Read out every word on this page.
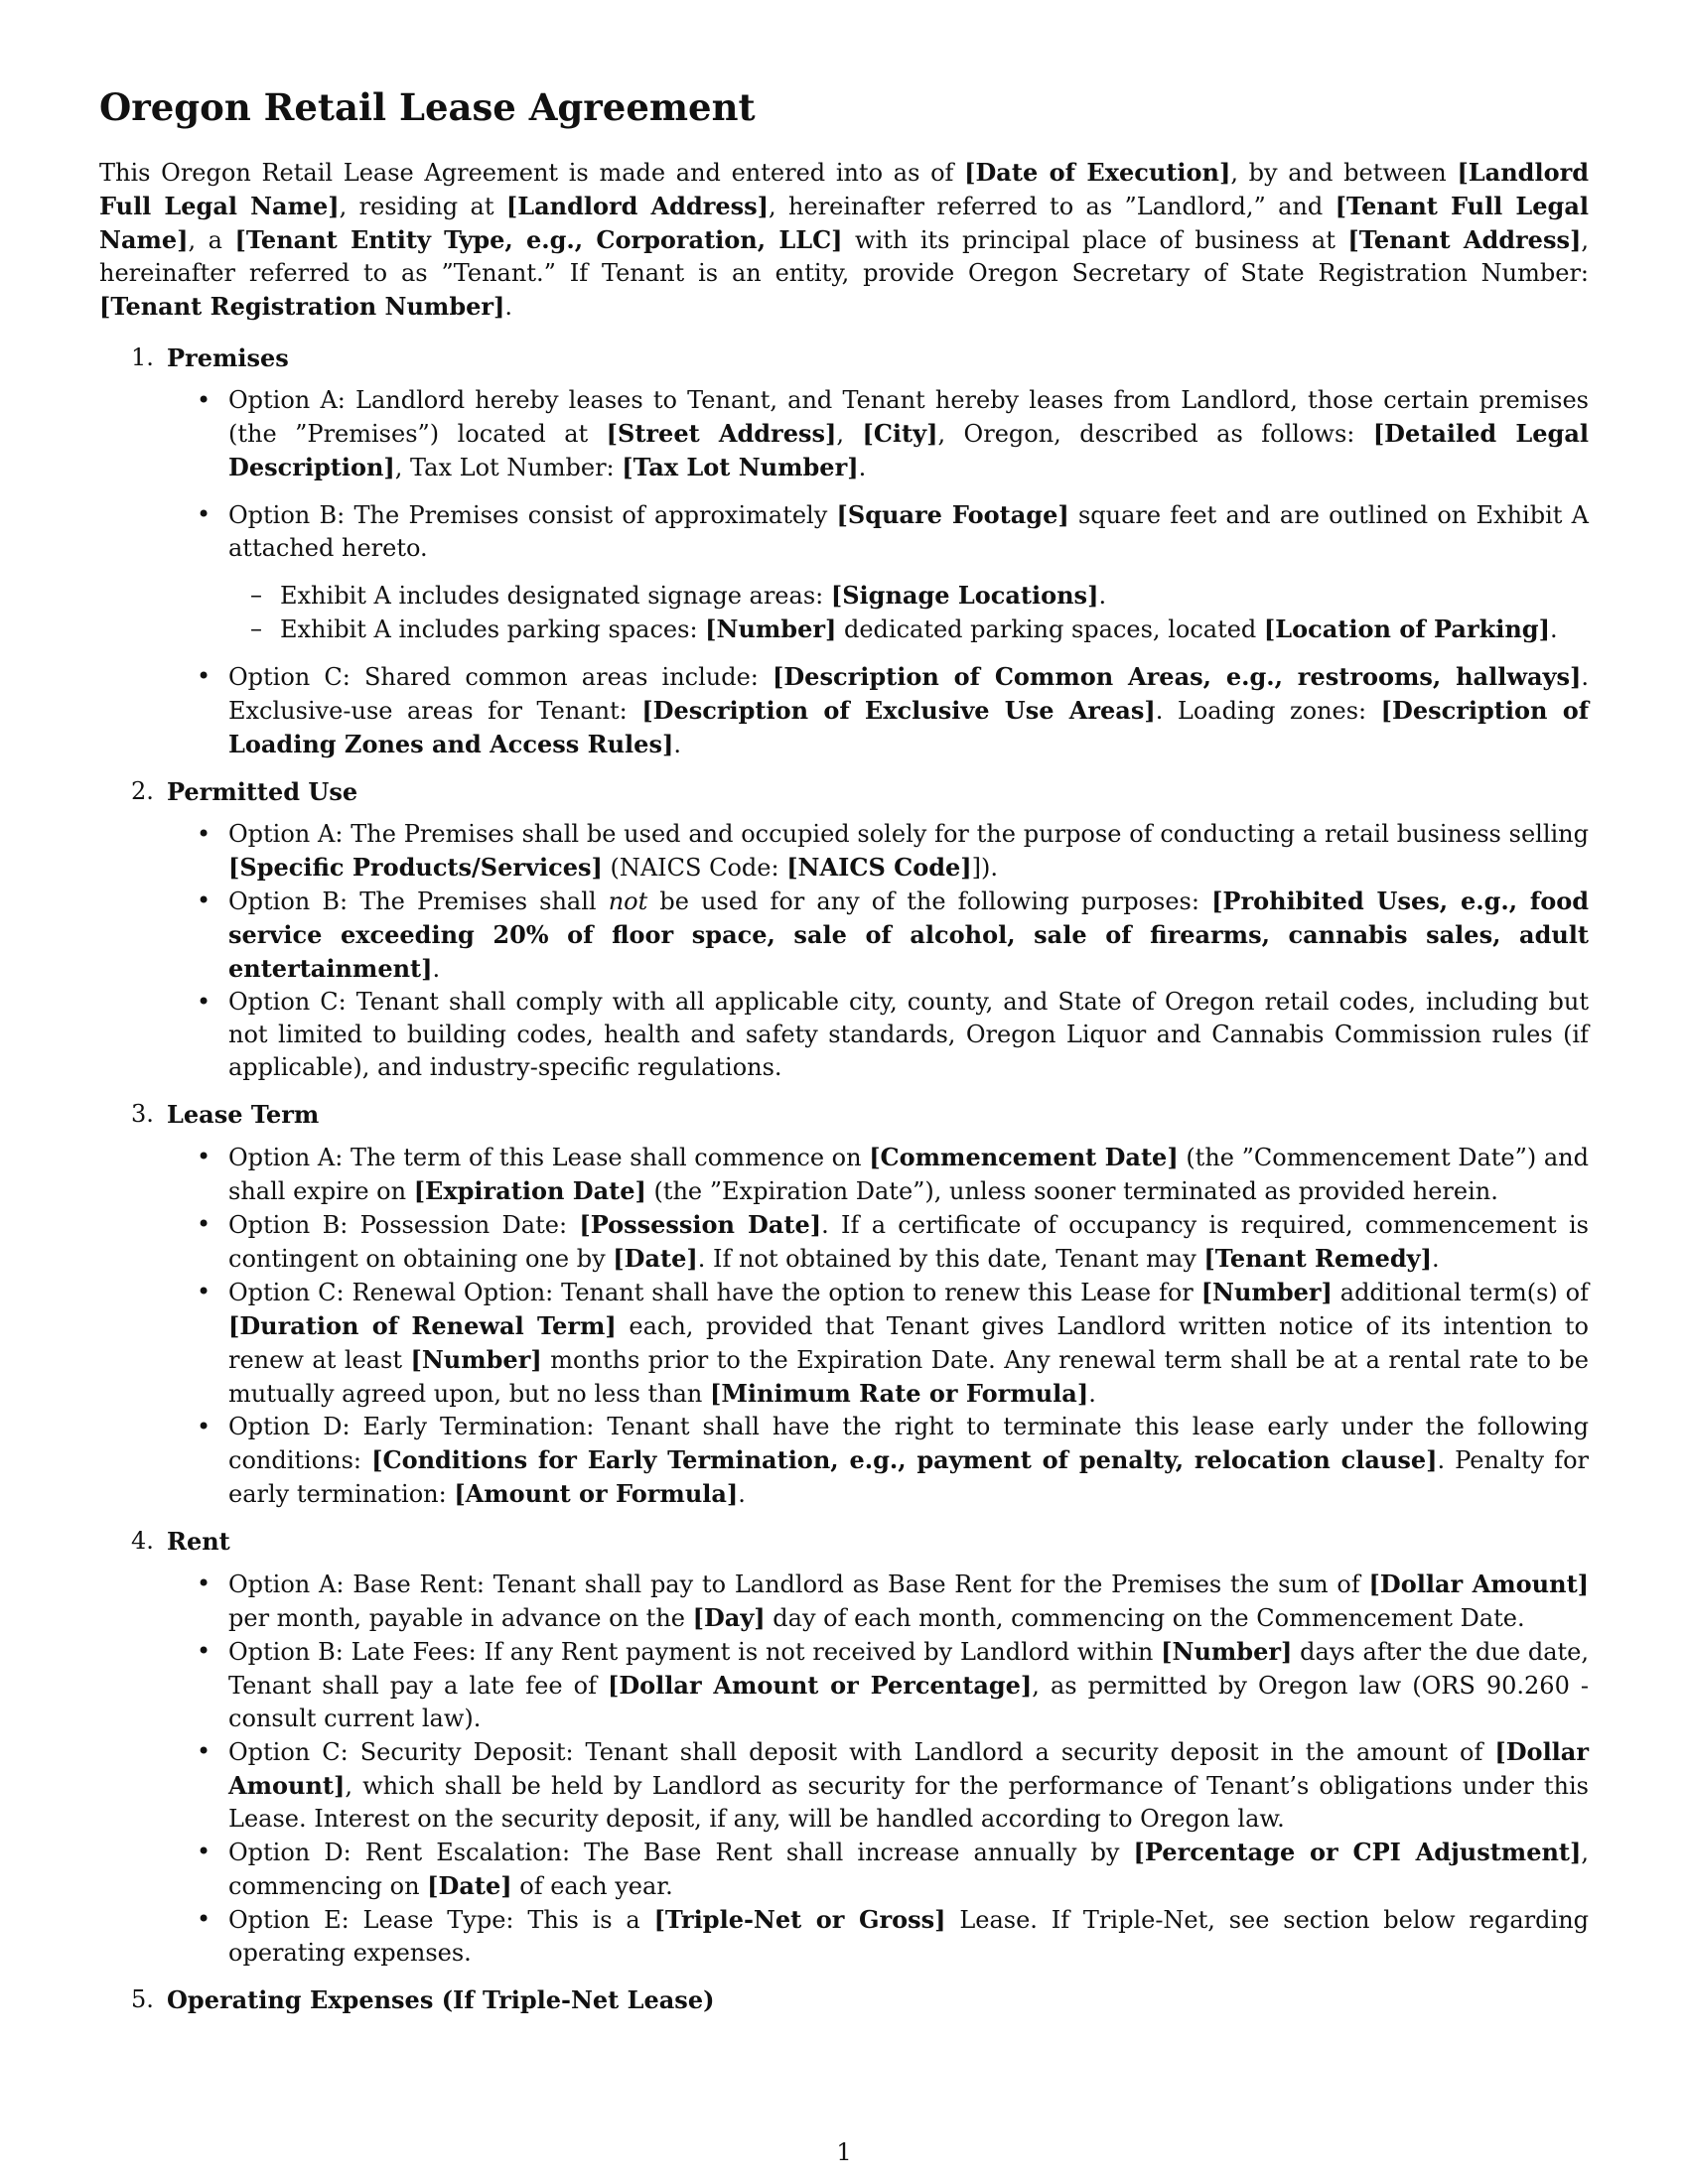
Oregon Retail Lease Agreement

This Oregon Retail Lease Agreement is made and entered into as of [Date of Execution], by and between [Landlord Full Legal Name], residing at [Landlord Address], hereinafter referred to as ”Landlord,” and [Tenant Full Legal Name], a [Tenant Entity Type, e.g., Corporation, LLC] with its principal place of business at [Tenant Address], hereinafter referred to as ”Tenant.” If Tenant is an entity, provide Oregon Secretary of State Registration Number: [Tenant Registration Number].

1. Premises
• Option A: Landlord hereby leases to Tenant, and Tenant hereby leases from Landlord, those certain premises (the ”Premises”) located at [Street Address], [City], Oregon, described as follows: [Detailed Legal Description], Tax Lot Number: [Tax Lot Number].
• Option B: The Premises consist of approximately [Square Footage] square feet and are outlined on Exhibit A attached hereto.
– Exhibit A includes designated signage areas: [Signage Locations].
– Exhibit A includes parking spaces: [Number] dedicated parking spaces, located [Location of Parking].
• Option C: Shared common areas include: [Description of Common Areas, e.g., restrooms, hallways]. Exclusive-use areas for Tenant: [Description of Exclusive Use Areas]. Loading zones: [Description of Loading Zones and Access Rules].
2. Permitted Use
• Option A: The Premises shall be used and occupied solely for the purpose of conducting a retail business selling [Specific Products/Services] (NAICS Code: [NAICS Code]]).
• Option B: The Premises shall not be used for any of the following purposes: [Prohibited Uses, e.g., food service exceeding 20% of floor space, sale of alcohol, sale of firearms, cannabis sales, adult entertainment].
• Option C: Tenant shall comply with all applicable city, county, and State of Oregon retail codes, including but not limited to building codes, health and safety standards, Oregon Liquor and Cannabis Commission rules (if applicable), and industry-specific regulations.
3. Lease Term
• Option A: The term of this Lease shall commence on [Commencement Date] (the ”Commencement Date”) and shall expire on [Expiration Date] (the ”Expiration Date”), unless sooner terminated as provided herein.
• Option B: Possession Date: [Possession Date]. If a certificate of occupancy is required, commencement is contingent on obtaining one by [Date]. If not obtained by this date, Tenant may [Tenant Remedy].
• Option C: Renewal Option: Tenant shall have the option to renew this Lease for [Number] additional term(s) of [Duration of Renewal Term] each, provided that Tenant gives Landlord written notice of its intention to renew at least [Number] months prior to the Expiration Date. Any renewal term shall be at a rental rate to be mutually agreed upon, but no less than [Minimum Rate or Formula].
• Option D: Early Termination: Tenant shall have the right to terminate this lease early under the following conditions: [Conditions for Early Termination, e.g., payment of penalty, relocation clause]. Penalty for early termination: [Amount or Formula].
4. Rent
• Option A: Base Rent: Tenant shall pay to Landlord as Base Rent for the Premises the sum of [Dollar Amount] per month, payable in advance on the [Day] day of each month, commencing on the Commencement Date.
• Option B: Late Fees: If any Rent payment is not received by Landlord within [Number] days after the due date, Tenant shall pay a late fee of [Dollar Amount or Percentage], as permitted by Oregon law (ORS 90.260 - consult current law).
• Option C: Security Deposit: Tenant shall deposit with Landlord a security deposit in the amount of [Dollar Amount], which shall be held by Landlord as security for the performance of Tenant’s obligations under this Lease. Interest on the security deposit, if any, will be handled according to Oregon law.
• Option D: Rent Escalation: The Base Rent shall increase annually by [Percentage or CPI Adjustment], commencing on [Date] of each year.
• Option E: Lease Type: This is a [Triple-Net or Gross] Lease. If Triple-Net, see section below regarding operating expenses.
5. Operating Expenses (If Triple-Net Lease)
1
